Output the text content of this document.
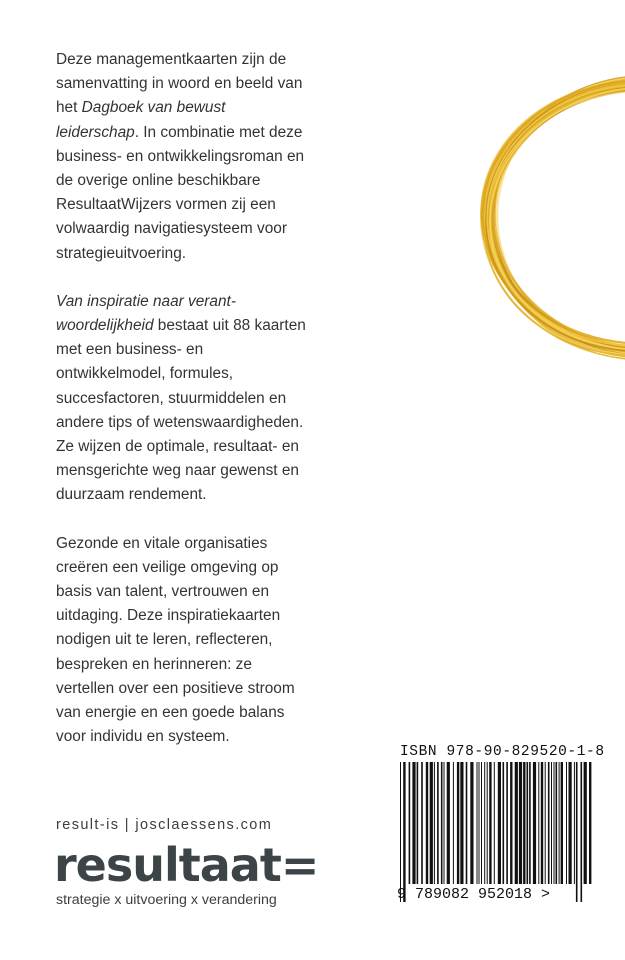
Deze managementkaarten zijn de samenvatting in woord en beeld van het Dagboek van bewust leiderschap. In combinatie met deze business- en ontwikkelingsroman en de overige online beschikbare ResultaatWijzers vormen zij een volwaardig navigatiesysteem voor strategieuitvoering.

Van inspiratie naar verantwoordelijkheid bestaat uit 88 kaarten met een business- en ontwikkelmodel, formules, succesfactoren, stuurmiddelen en andere tips of wetenswaardigheden. Ze wijzen de optimale, resultaat- en mensgerichte weg naar gewenst en duurzaam rendement.

Gezonde en vitale organisaties creëren een veilige omgeving op basis van talent, vertrouwen en uitdaging. Deze inspiratiekaarten nodigen uit te leren, reflecteren, bespreken en herinneren: ze vertellen over een positieve stroom van energie en een goede balans voor individu en systeem.

ISBN 978-90-829520-1-8
9 789082 952018 >
result-is | josclaessens.com
resultaat=
strategie x uitvoering x verandering
